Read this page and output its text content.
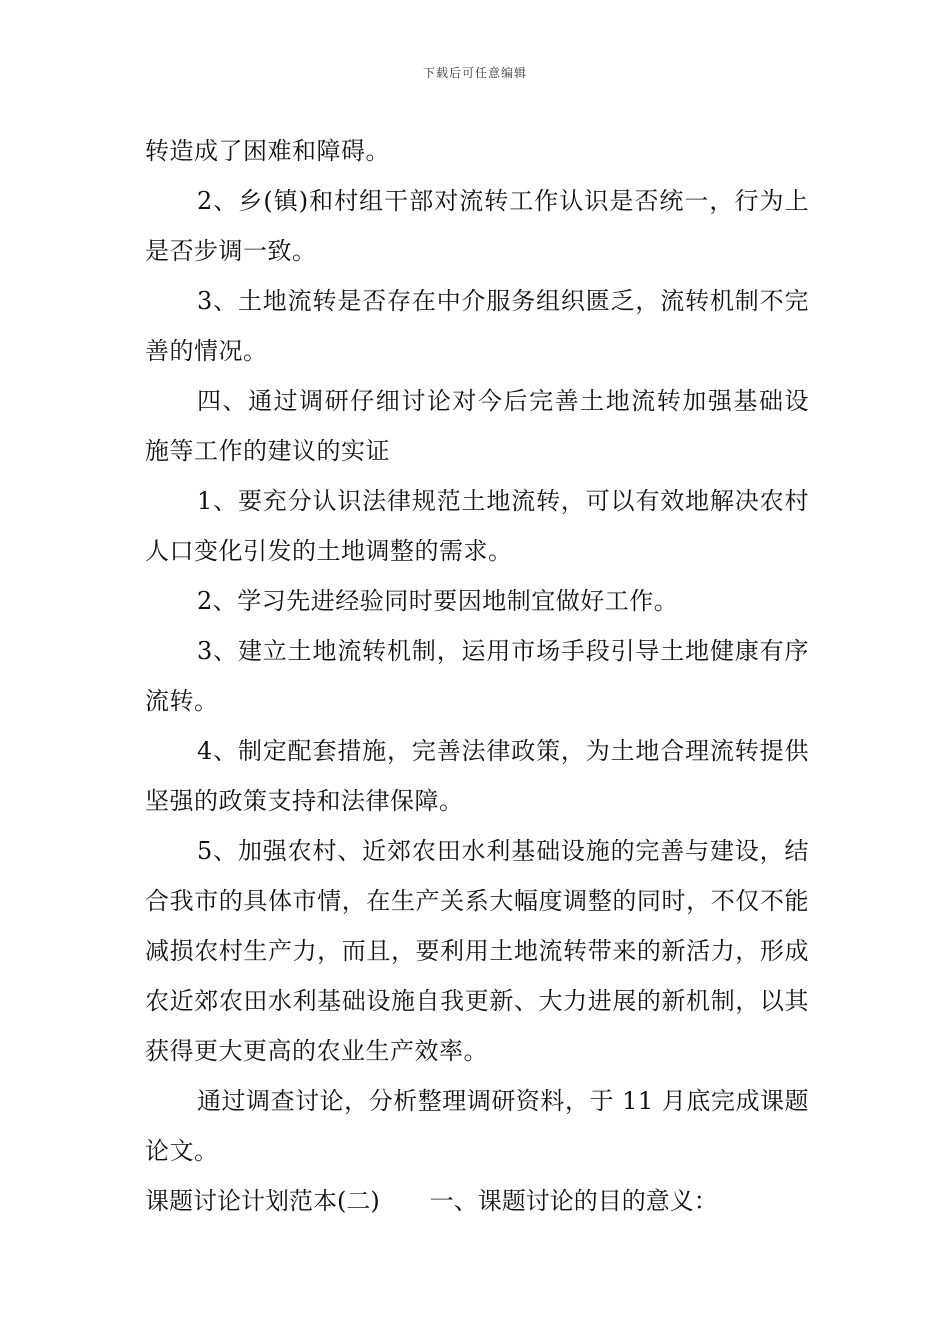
下载后可任意编辑

转造成了困难和障碍。

2、乡(镇)和村组干部对流转工作认识是否统一，行为上是否步调一致。

3、土地流转是否存在中介服务组织匮乏，流转机制不完善的情况。

四、通过调研仔细讨论对今后完善土地流转加强基础设施等工作的建议的实证

1、要充分认识法律规范土地流转，可以有效地解决农村人口变化引发的土地调整的需求。

2、学习先进经验同时要因地制宜做好工作。

3、建立土地流转机制，运用市场手段引导土地健康有序流转。

4、制定配套措施，完善法律政策，为土地合理流转提供坚强的政策支持和法律保障。

5、加强农村、近郊农田水利基础设施的完善与建设，结合我市的具体市情，在生产关系大幅度调整的同时，不仅不能减损农村生产力，而且，要利用土地流转带来的新活力，形成农近郊农田水利基础设施自我更新、大力进展的新机制，以其获得更大更高的农业生产效率。

通过调查讨论，分析整理调研资料，于 11 月底完成课题论文。

课题讨论计划范本(二) 一、课题讨论的目的意义：
